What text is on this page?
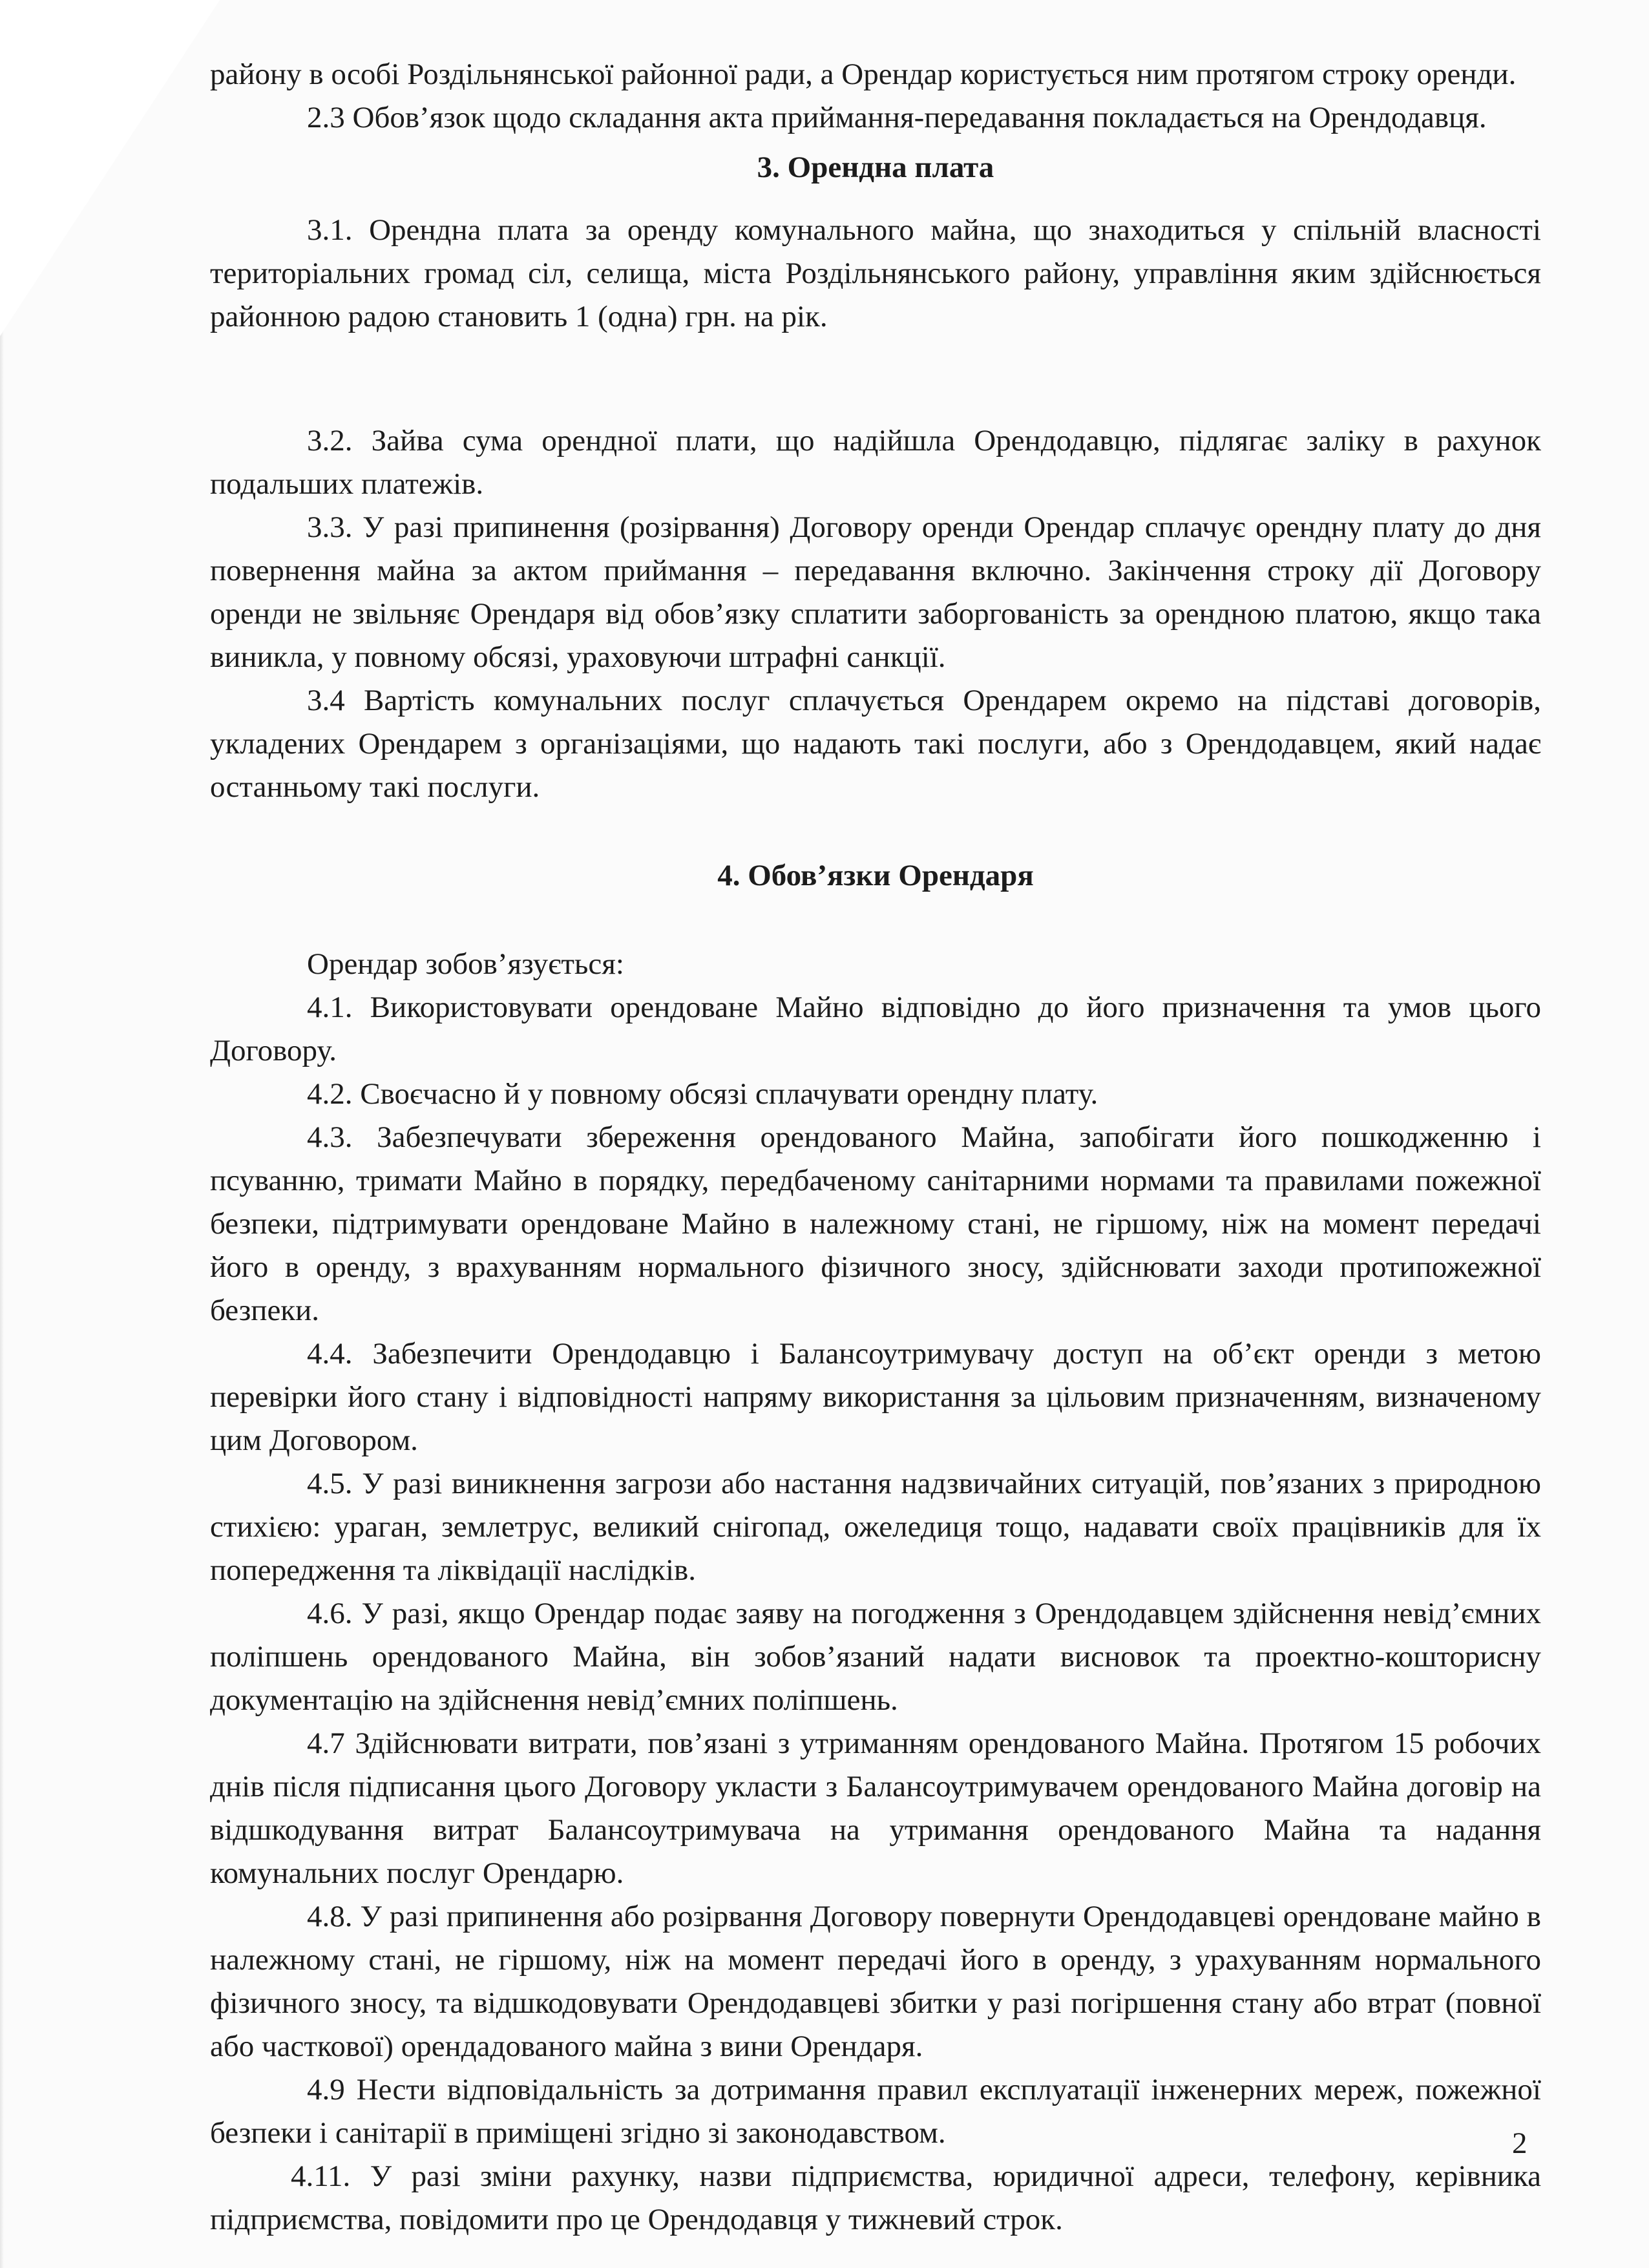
району в особі Роздільнянської районної ради, а Орендар користується ним протягом строку оренди.

2.3 Обов’язок щодо складання акта приймання-передавання покладається на Орендодавця.

3. Орендна плата

3.1. Орендна плата за оренду комунального майна, що знаходиться у спільній власності територіальних громад сіл, селища, міста Роздільнянського району, управління яким здійснюється районною радою становить 1 (одна) грн. на рік.

3.2. Зайва сума орендної плати, що надійшла Орендодавцю, підлягає заліку в рахунок подальших платежів.

3.3. У разі припинення (розірвання) Договору оренди Орендар сплачує орендну плату до дня повернення майна за актом приймання – передавання включно. Закінчення строку дії Договору оренди не звільняє Орендаря від обов’язку сплатити заборгованість за орендною платою, якщо така виникла, у повному обсязі, ураховуючи штрафні санкції.

3.4 Вартість комунальних послуг сплачується Орендарем окремо на підставі договорів, укладених Орендарем з організаціями, що надають такі послуги, або з Орендодавцем, який надає останньому такі послуги.

4. Обов’язки Орендаря

Орендар зобов’язується:

4.1. Використовувати орендоване Майно відповідно до його призначення та умов цього Договору.

4.2. Своєчасно й у повному обсязі сплачувати орендну плату.

4.3. Забезпечувати збереження орендованого Майна, запобігати його пошкодженню і псуванню, тримати Майно в порядку, передбаченому санітарними нормами та правилами пожежної безпеки, підтримувати орендоване Майно в належному стані, не гіршому, ніж на момент передачі його в оренду, з врахуванням нормального фізичного зносу, здійснювати заходи протипожежної безпеки.

4.4. Забезпечити Орендодавцю і Балансоутримувачу доступ на об’єкт оренди з метою перевірки його стану і відповідності напряму використання за цільовим призначенням, визначеному цим Договором.

4.5. У разі виникнення загрози або настання надзвичайних ситуацій, пов’язаних з природною стихією: ураган, землетрус, великий снігопад, ожеледиця тощо, надавати своїх працівників для їх попередження та ліквідації наслідків.

4.6. У разі, якщо Орендар подає заяву на погодження з Орендодавцем здійснення невід’ємних поліпшень орендованого Майна, він зобов’язаний надати висновок та проектно-кошторисну документацію на здійснення невід’ємних поліпшень.

4.7 Здійснювати витрати, пов’язані з утриманням орендованого Майна. Протягом 15 робочих днів після підписання цього Договору укласти з Балансоутримувачем орендованого Майна договір на відшкодування витрат Балансоутримувача на утримання орендованого Майна та надання комунальних послуг Орендарю.

4.8. У разі припинення або розірвання Договору повернути Орендодавцеві орендоване майно в належному стані, не гіршому, ніж на момент передачі його в оренду, з урахуванням нормального фізичного зносу, та відшкодовувати Орендодавцеві збитки у разі погіршення стану або втрат (повної або часткової) орендадованого майна з вини Орендаря.

4.9 Нести відповідальність за дотримання правил експлуатації інженерних мереж, пожежної безпеки і санітарії в приміщені згідно зі законодавством.

4.11. У разі зміни рахунку, назви підприємства, юридичної адреси, телефону, керівника підприємства, повідомити про це Орендодавця у тижневий строк.

2
